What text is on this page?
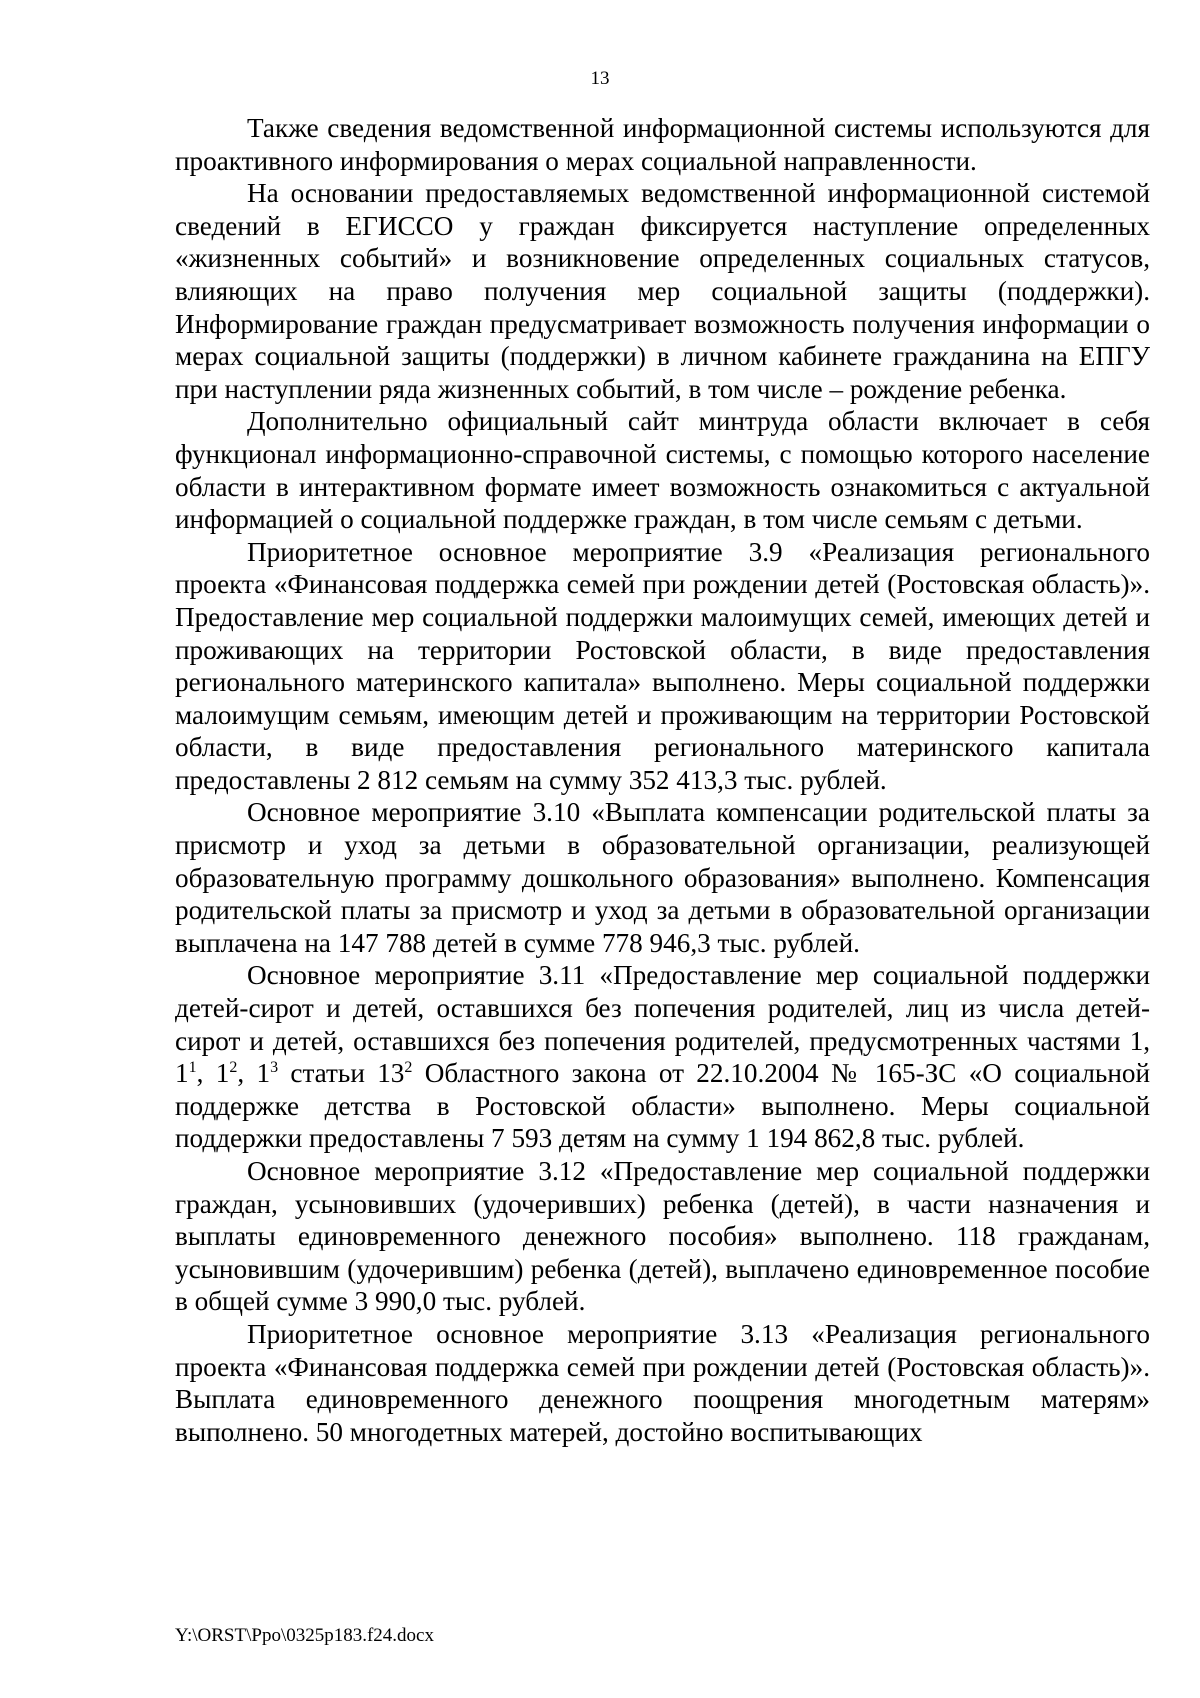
13

Также сведения ведомственной информационной системы используются для проактивного информирования о мерах социальной направленности.

На основании предоставляемых ведомственной информационной системой сведений в ЕГИССО у граждан фиксируется наступление определенных «жизненных событий» и возникновение определенных социальных статусов, влияющих на право получения мер социальной защиты (поддержки). Информирование граждан предусматривает возможность получения информации о мерах социальной защиты (поддержки) в личном кабинете гражданина на ЕПГУ при наступлении ряда жизненных событий, в том числе – рождение ребенка.

Дополнительно официальный сайт минтруда области включает в себя функционал информационно-справочной системы, с помощью которого население области в интерактивном формате имеет возможность ознакомиться с актуальной информацией о социальной поддержке граждан, в том числе семьям с детьми.

Приоритетное основное мероприятие 3.9 «Реализация регионального проекта «Финансовая поддержка семей при рождении детей (Ростовская область)». Предоставление мер социальной поддержки малоимущих семей, имеющих детей и проживающих на территории Ростовской области, в виде предоставления регионального материнского капитала» выполнено. Меры социальной поддержки малоимущим семьям, имеющим детей и проживающим на территории Ростовской области, в виде предоставления регионального материнского капитала предоставлены 2 812 семьям на сумму 352 413,3 тыс. рублей.

Основное мероприятие 3.10 «Выплата компенсации родительской платы за присмотр и уход за детьми в образовательной организации, реализующей образовательную программу дошкольного образования» выполнено. Компенсация родительской платы за присмотр и уход за детьми в образовательной организации выплачена на 147 788 детей в сумме 778 946,3 тыс. рублей.

Основное мероприятие 3.11 «Предоставление мер социальной поддержки детей-сирот и детей, оставшихся без попечения родителей, лиц из числа детей-сирот и детей, оставшихся без попечения родителей, предусмотренных частями 1, $1^1$, $1^2$, $1^3$ статьи $13^2$ Областного закона от 22.10.2004 № 165-ЗС «О социальной поддержке детства в Ростовской области» выполнено. Меры социальной поддержки предоставлены 7 593 детям на сумму 1 194 862,8 тыс. рублей.

Основное мероприятие 3.12 «Предоставление мер социальной поддержки граждан, усыновивших (удочеривших) ребенка (детей), в части назначения и выплаты единовременного денежного пособия» выполнено. 118 гражданам, усыновившим (удочерившим) ребенка (детей), выплачено единовременное пособие в общей сумме 3 990,0 тыс. рублей.

Приоритетное основное мероприятие 3.13 «Реализация регионального проекта «Финансовая поддержка семей при рождении детей (Ростовская область)». Выплата единовременного денежного поощрения многодетным матерям» выполнено. 50 многодетных матерей, достойно воспитывающих

Y:\ORST\Ppo\0325p183.f24.docx
